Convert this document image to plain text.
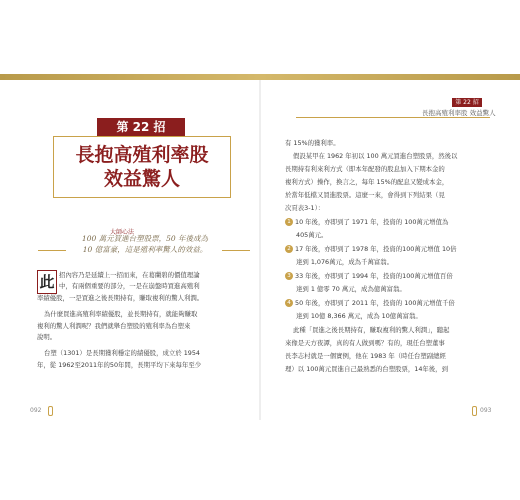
第 22 招
長抱高殖利率股
效益驚人
大師心法
100 萬元買進台塑股票，50 年後成為
10 億富豪，這是殖利率驚人的效益。
此 招內容乃是延續上一招而來，在葛蘭碧的價值理論
中，有兩個重要的部分，一是在崩盤時買進高殖利
率績優股，一是買進之後長期持有，賺取複利的驚人利潤。
為什麼買進高殖利率績優股，並長期持有，就能夠賺取
複利的驚人利潤呢？我們就舉台塑股的殖利率為台塑來
說明。
台塑（1301）是長期獲利穩定的績優股，成立於 1954
年，從 1962至2011年的50年間，長期平均下來每年至少
092
第 22 招
長抱高殖利率股 效益驚人
有 15%的獲利率。
假設某甲在 1962 年初以 100 萬元買進台塑股票，然後以
長期持有利來利方式（即本年配發的股息加入下期本金的
複利方式）操作，換言之，每年 15%的配息又變成本金，
於當年低檔又買進股票。這麼一來，會得到下列結果（見
次頁表3-1）：
1 10 年後，亦即到了 1971 年，投資的 100萬元增值為
405萬元。
2 17 年後，亦即到了 1978 年，投資的100萬元增值 10倍
達到 1,076萬元，成為千萬富翁。
3 33 年後，亦即到了 1994 年，投資的100萬元增值百倍
達到 1 億零 70 萬元，成為億萬富翁。
4 50 年後，亦即到了 2011 年，投資的 100萬元增值千倍
達到 10億 8,366 萬元，成為 10億萬富翁。
此種「買進之後長期持有，賺取複利的驚人利潤」，聽起
來像是天方夜譚，真的有人做到嗎？有的，現任台塑董事
長李志村就是一個實例，他在 1983 年（時任台塑副總經
理）以 100萬元買進自己最熟悉的台塑股票，14年後，到
093
